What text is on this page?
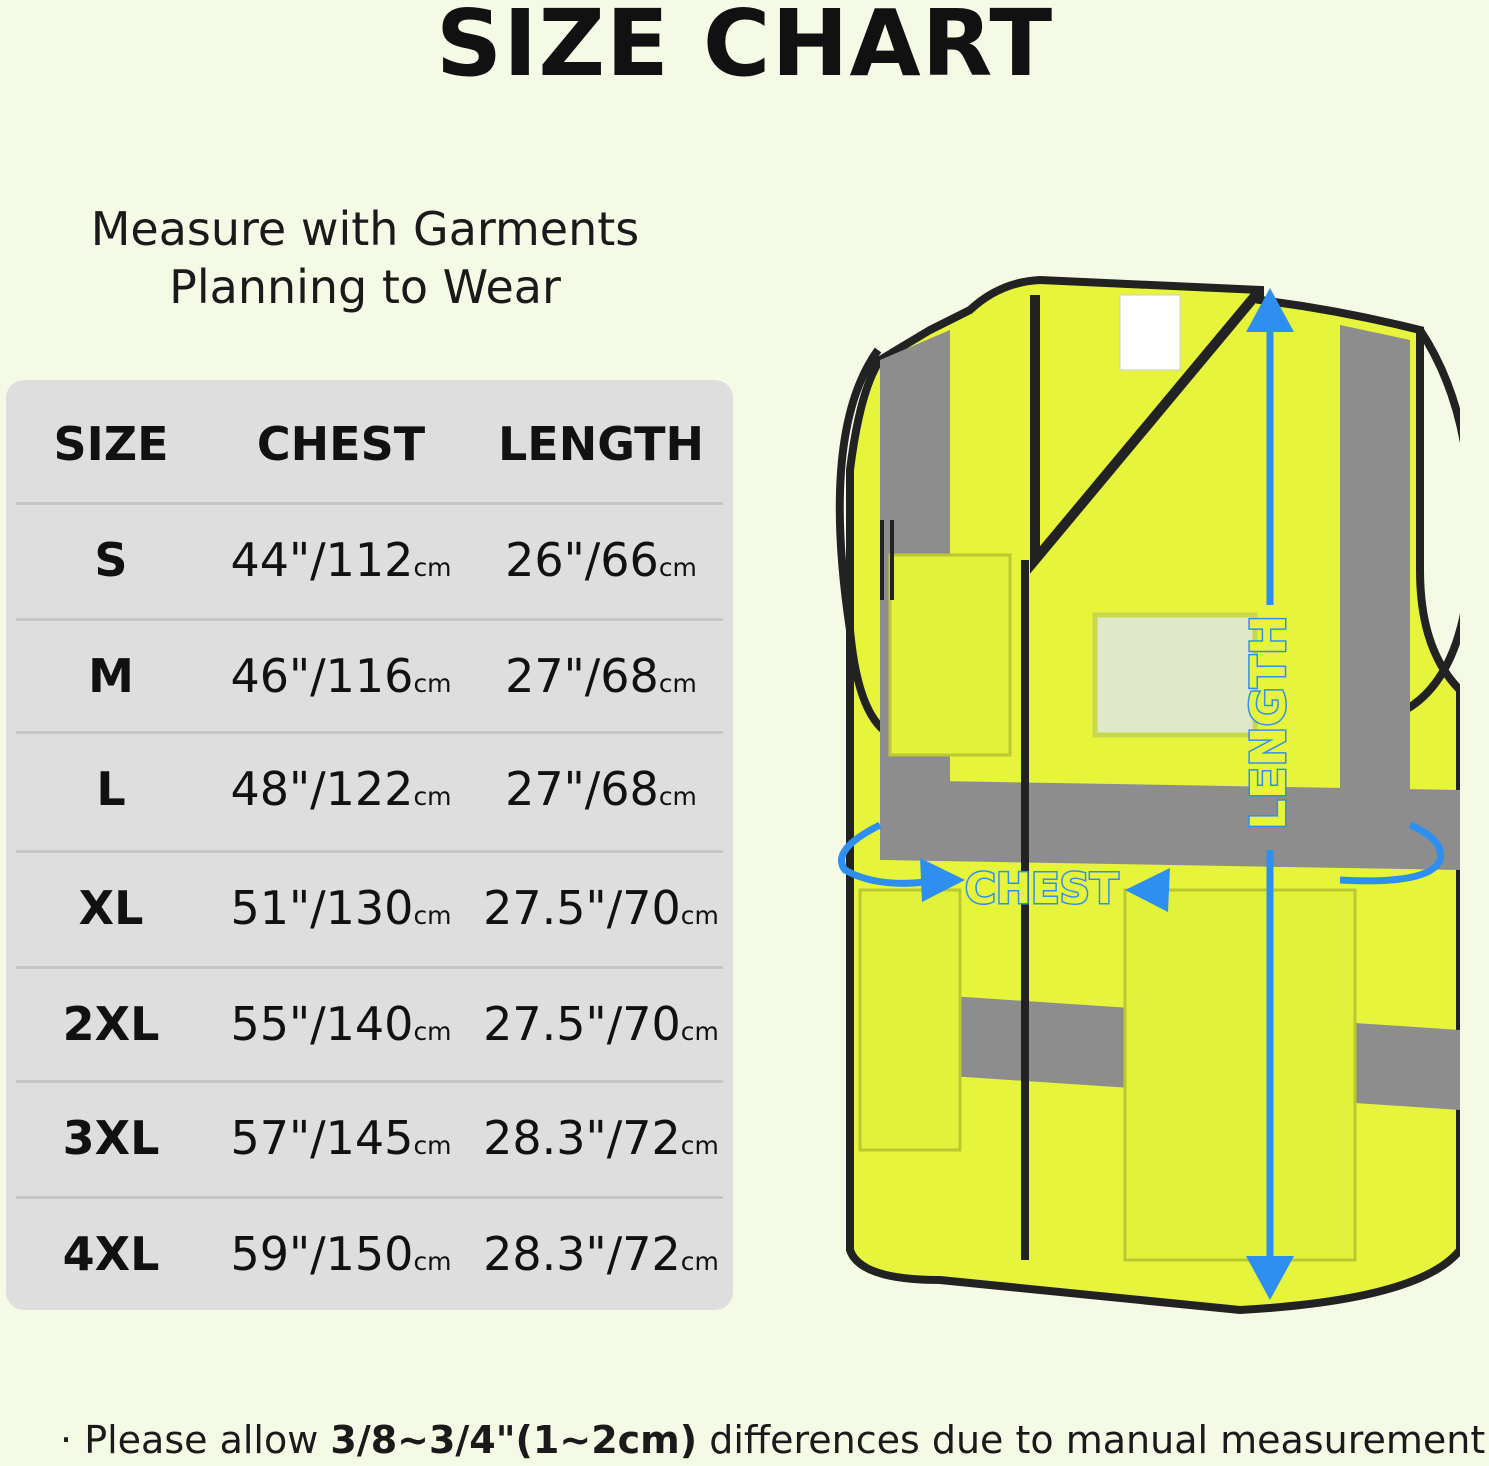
SIZE CHART
Measure with Garments
Planning to Wear
SIZE	CHEST	LENGTH
S	44"/112cm	26"/66cm
M	46"/116cm	27"/68cm
L	48"/122cm	27"/68cm
XL	51"/130cm 27.5"/70cm
2XL	55"/140cm 27.5"/70cm
3XL	57"/145cm 28.3"/72cm
4XL	59"/150cm 28.3"/72cm
LENGTH
CHEST
· Please allow 3/8~3/4"(1~2cm) differences due to manual measurement
